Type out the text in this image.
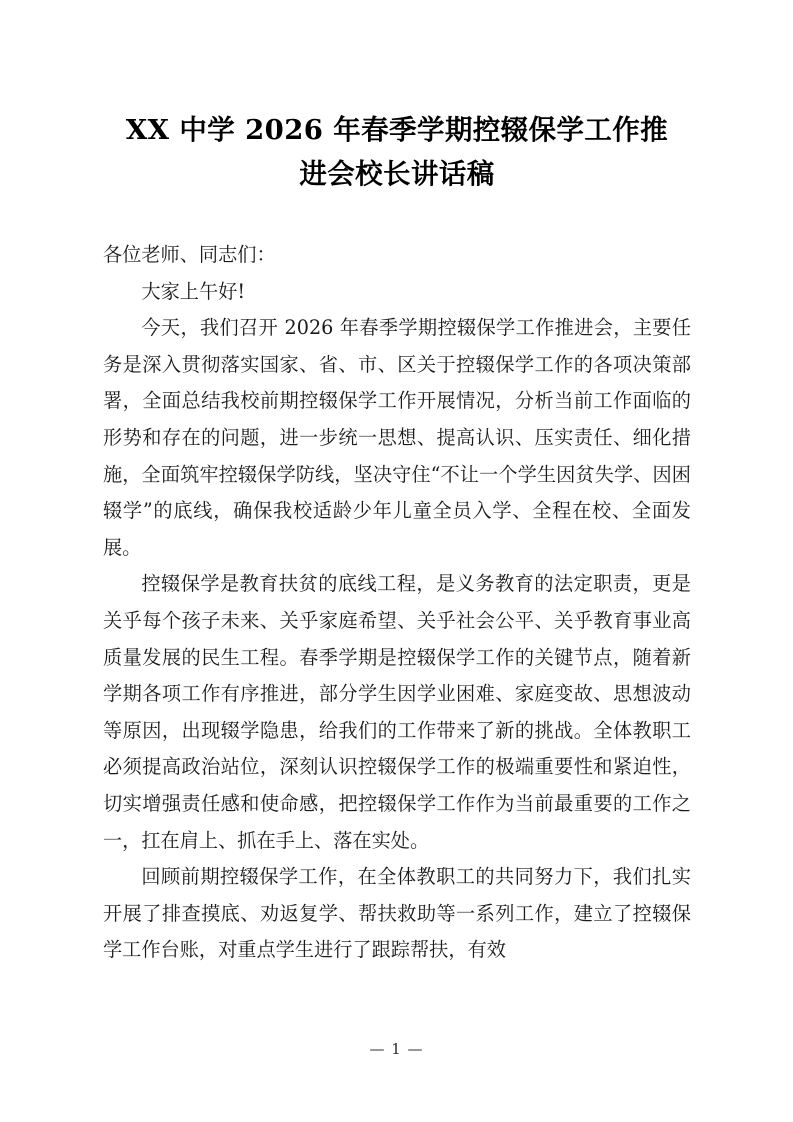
XX 中学 2026 年春季学期控辍保学工作推
进会校长讲话稿

各位老师、同志们：

大家上午好!

今天，我们召开 2026 年春季学期控辍保学工作推进会，主要任务是深入贯彻落实国家、省、市、区关于控辍保学工作的各项决策部署，全面总结我校前期控辍保学工作开展情况，分析当前工作面临的形势和存在的问题，进一步统一思想、提高认识、压实责任、细化措施，全面筑牢控辍保学防线，坚决守住“不让一个学生因贫失学、因困辍学”的底线，确保我校适龄少年儿童全员入学、全程在校、全面发展。

控辍保学是教育扶贫的底线工程，是义务教育的法定职责，更是关乎每个孩子未来、关乎家庭希望、关乎社会公平、关乎教育事业高质量发展的民生工程。春季学期是控辍保学工作的关键节点，随着新学期各项工作有序推进，部分学生因学业困难、家庭变故、思想波动等原因，出现辍学隐患，给我们的工作带来了新的挑战。全体教职工必须提高政治站位，深刻认识控辍保学工作的极端重要性和紧迫性，切实增强责任感和使命感，把控辍保学工作作为当前最重要的工作之一，扛在肩上、抓在手上、落在实处。

回顾前期控辍保学工作，在全体教职工的共同努力下，我们扎实开展了排查摸底、劝返复学、帮扶救助等一系列工作，建立了控辍保学工作台账，对重点学生进行了跟踪帮扶，有效

— 1 —
